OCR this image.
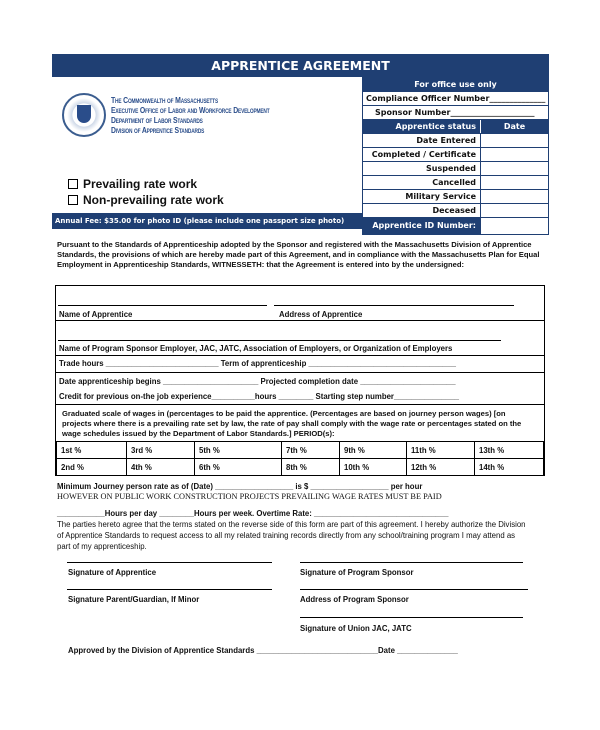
APPRENTICE AGREEMENT
The Commonwealth of Massachusetts
Executive Office of Labor and Workforce Development
Department of Labor Standards
Division of Apprentice Standards
For office use only
Compliance Officer Number______________
Sponsor Number_____________________
Apprentice status	Date
Date Entered
Completed / Certificate
Suspended
Cancelled
Military Service
Deceased
Apprentice ID Number:
Prevailing rate work
Non-prevailing rate work
Annual Fee: $35.00 for photo ID (please include one passport size photo)
Pursuant to the Standards of Apprenticeship adopted by the Sponsor and registered with the Massachusetts Division of Apprentice Standards, the provisions of which are hereby made part of this Agreement, and in compliance with the Massachusetts Plan for Equal Employment in Apprenticeship Standards, WITNESSETH: that the Agreement is entered into by the undersigned:
Name of Apprentice	Address of Apprentice
Name of Program Sponsor Employer, JAC, JATC, Association of Employers, or Organization of Employers
Trade hours __________________________ Term of apprenticeship __________________________________
Date apprenticeship begins ______________________ Projected completion date ______________________
Credit for previous on-the job experience__________hours ________ Starting step number_______________
Graduated scale of wages in (percentages to be paid the apprentice. (Percentages are based on journey person wages) [on projects where there is a prevailing rate set by law, the rate of pay shall comply with the wage rate or percentages stated on the wage schedules issued by the Department of Labor Standards.] PERIOD(s):
1st %	3rd %	5th %	7th %	9th %	11th %	13th %
2nd %	4th %	6th %	8th %	10th %	12th %	14th %
Minimum Journey person rate as of (Date) __________________ is $ __________________ per hour
HOWEVER ON PUBLIC WORK CONSTRUCTION PROJECTS PREVAILING WAGE RATES MUST BE PAID
___________Hours per day ________Hours per week. Overtime Rate: _______________________________
The parties hereto agree that the terms stated on the reverse side of this form are part of this agreement. I hereby authorize the Division of Apprentice Standards to request access to all my related training records directly from any school/training program I may attend as part of my apprenticeship.
Signature of Apprentice	Signature of Program Sponsor
Signature Parent/Guardian, If Minor	Address of Program Sponsor
Signature of Union JAC, JATC
Approved by the Division of Apprentice Standards ____________________________Date ______________
